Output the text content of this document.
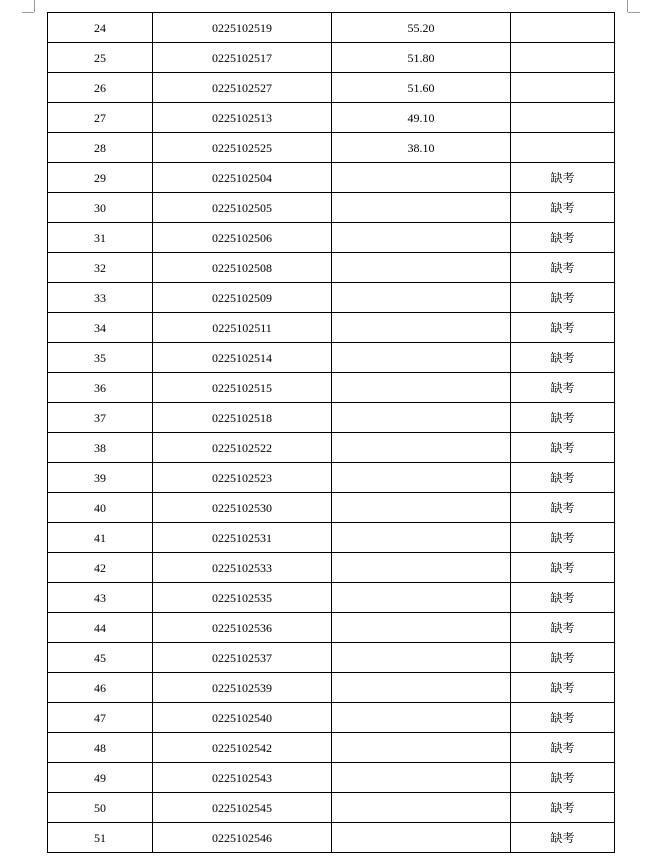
24	0225102519	55.20	
25	0225102517	51.80	
26	0225102527	51.60	
27	0225102513	49.10	
28	0225102525	38.10	
29	0225102504		缺考
30	0225102505		缺考
31	0225102506		缺考
32	0225102508		缺考
33	0225102509		缺考
34	0225102511		缺考
35	0225102514		缺考
36	0225102515		缺考
37	0225102518		缺考
38	0225102522		缺考
39	0225102523		缺考
40	0225102530		缺考
41	0225102531		缺考
42	0225102533		缺考
43	0225102535		缺考
44	0225102536		缺考
45	0225102537		缺考
46	0225102539		缺考
47	0225102540		缺考
48	0225102542		缺考
49	0225102543		缺考
50	0225102545		缺考
51	0225102546		缺考
